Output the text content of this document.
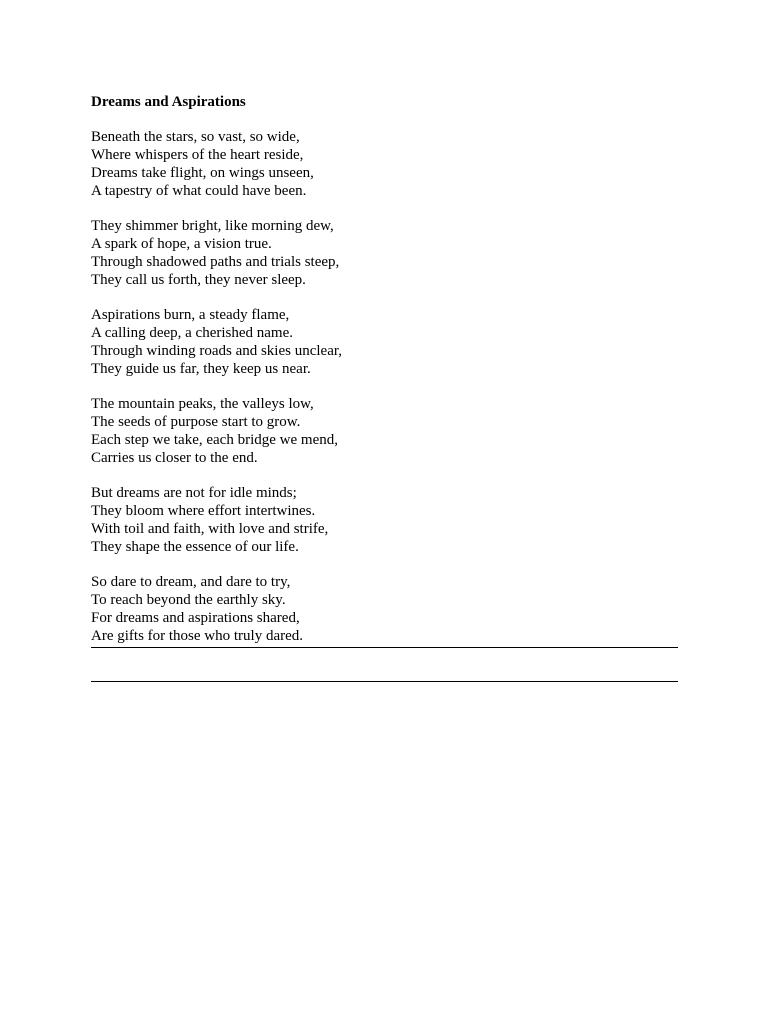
Dreams and Aspirations
Beneath the stars, so vast, so wide,
Where whispers of the heart reside,
Dreams take flight, on wings unseen,
A tapestry of what could have been.
They shimmer bright, like morning dew,
A spark of hope, a vision true.
Through shadowed paths and trials steep,
They call us forth, they never sleep.
Aspirations burn, a steady flame,
A calling deep, a cherished name.
Through winding roads and skies unclear,
They guide us far, they keep us near.
The mountain peaks, the valleys low,
The seeds of purpose start to grow.
Each step we take, each bridge we mend,
Carries us closer to the end.
But dreams are not for idle minds;
They bloom where effort intertwines.
With toil and faith, with love and strife,
They shape the essence of our life.
So dare to dream, and dare to try,
To reach beyond the earthly sky.
For dreams and aspirations shared,
Are gifts for those who truly dared.
